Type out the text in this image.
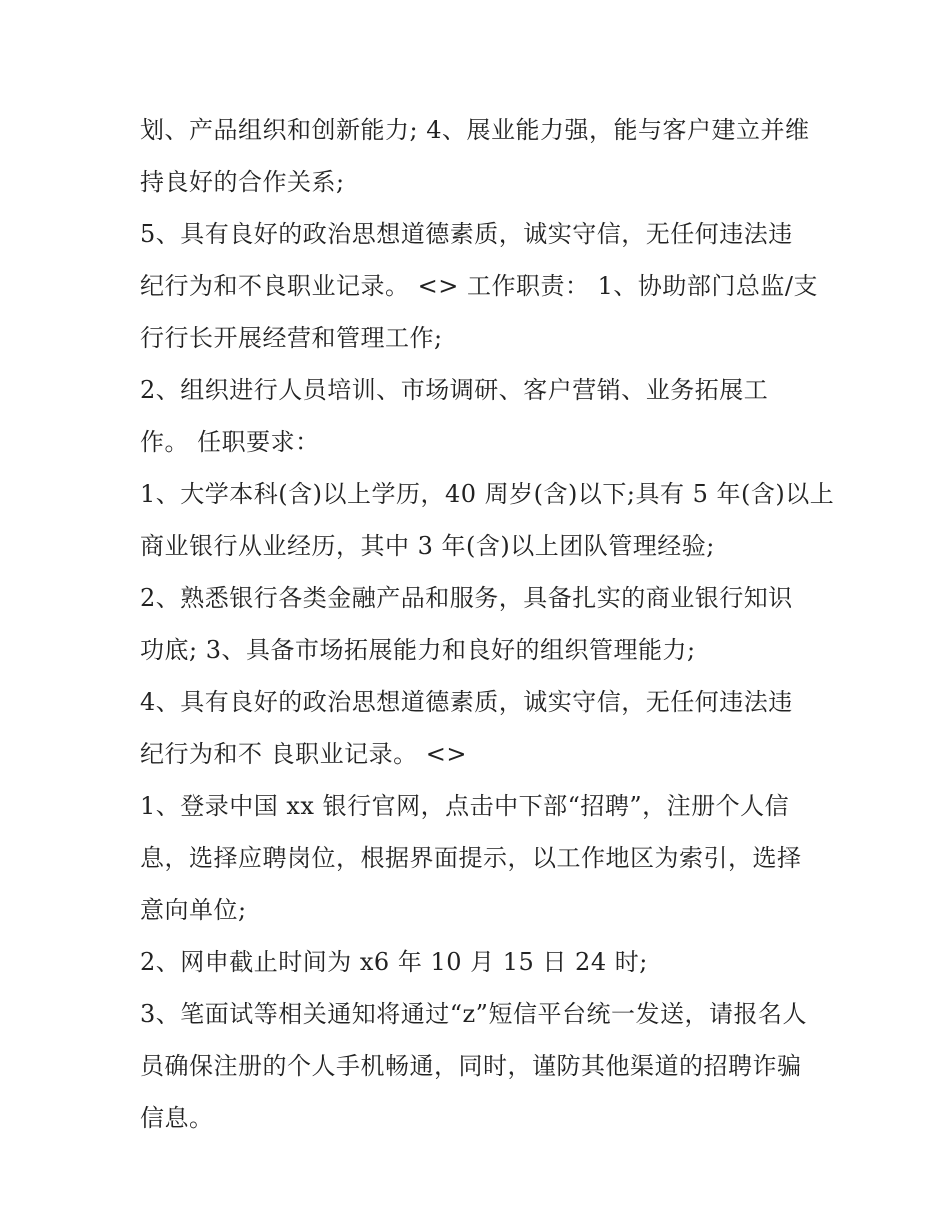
划、产品组织和创新能力; 4、展业能力强，能与客户建立并维
持良好的合作关系;
5、具有良好的政治思想道德素质，诚实守信，无任何违法违
纪行为和不良职业记录。 <> 工作职责： 1、协助部门总监/支
行行长开展经营和管理工作;
2、组织进行人员培训、市场调研、客户营销、业务拓展工
作。 任职要求：
1、大学本科(含)以上学历，40 周岁(含)以下;具有 5 年(含)以上
商业银行从业经历，其中 3 年(含)以上团队管理经验;
2、熟悉银行各类金融产品和服务，具备扎实的商业银行知识
功底; 3、具备市场拓展能力和良好的组织管理能力;
4、具有良好的政治思想道德素质，诚实守信，无任何违法违
纪行为和不 良职业记录。 <>
1、登录中国 xx 银行官网，点击中下部“招聘”，注册个人信
息，选择应聘岗位，根据界面提示，以工作地区为索引，选择
意向单位;
2、网申截止时间为 x6 年 10 月 15 日 24 时;
3、笔面试等相关通知将通过“z”短信平台统一发送，请报名人
员确保注册的个人手机畅通，同时，谨防其他渠道的招聘诈骗
信息。
